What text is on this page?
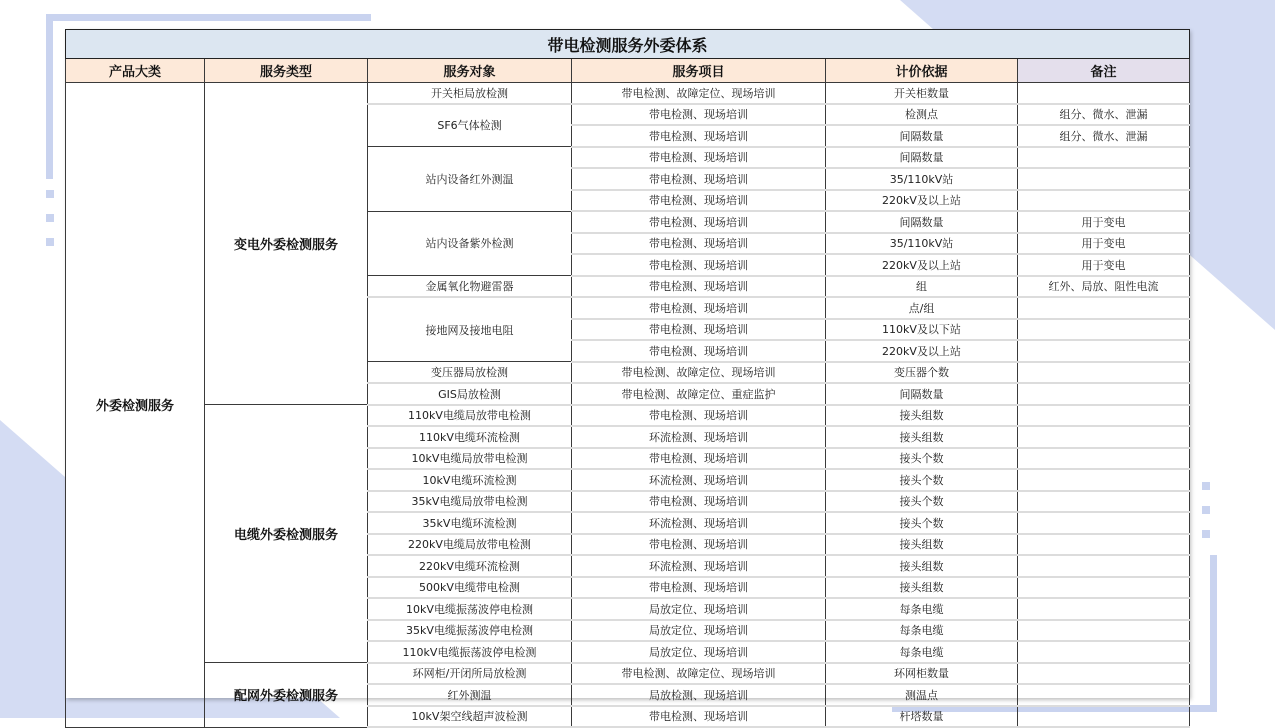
带电检测服务外委体系					
产品大类	服务类型	服务对象	服务项目	计价依据	备注
外委检测服务	变电外委检测服务	开关柜局放检测	带电检测、故障定位、现场培训	开关柜数量	
		SF6气体检测	带电检测、现场培训	检测点	组分、微水、泄漏
			带电检测、现场培训	间隔数量	组分、微水、泄漏
		站内设备红外测温	带电检测、现场培训	间隔数量	
			带电检测、现场培训	35/110kV站	
			带电检测、现场培训	220kV及以上站	
		站内设备紫外检测	带电检测、现场培训	间隔数量	用于变电
			带电检测、现场培训	35/110kV站	用于变电
			带电检测、现场培训	220kV及以上站	用于变电
		金属氧化物避雷器	带电检测、现场培训	组	红外、局放、阻性电流
		接地网及接地电阻	带电检测、现场培训	点/组	
			带电检测、现场培训	110kV及以下站	
			带电检测、现场培训	220kV及以上站	
		变压器局放检测	带电检测、故障定位、现场培训	变压器个数	
		GIS局放检测	带电检测、故障定位、重症监护	间隔数量	
	电缆外委检测服务	110kV电缆局放带电检测	带电检测、现场培训	接头组数	
		110kV电缆环流检测	环流检测、现场培训	接头组数	
		10kV电缆局放带电检测	带电检测、现场培训	接头个数	
		10kV电缆环流检测	环流检测、现场培训	接头个数	
		35kV电缆局放带电检测	带电检测、现场培训	接头个数	
		35kV电缆环流检测	环流检测、现场培训	接头个数	
		220kV电缆局放带电检测	带电检测、现场培训	接头组数	
		220kV电缆环流检测	环流检测、现场培训	接头组数	
		500kV电缆带电检测	带电检测、现场培训	接头组数	
		10kV电缆振荡波停电检测	局放定位、现场培训	每条电缆	
		35kV电缆振荡波停电检测	局放定位、现场培训	每条电缆	
		110kV电缆振荡波停电检测	局放定位、现场培训	每条电缆	
	配网外委检测服务	环网柜/开闭所局放检测	带电检测、故障定位、现场培训	环网柜数量	
		红外测温	局放检测、现场培训	测温点	
		10kV架空线超声波检测	带电检测、现场培训	杆塔数量	
